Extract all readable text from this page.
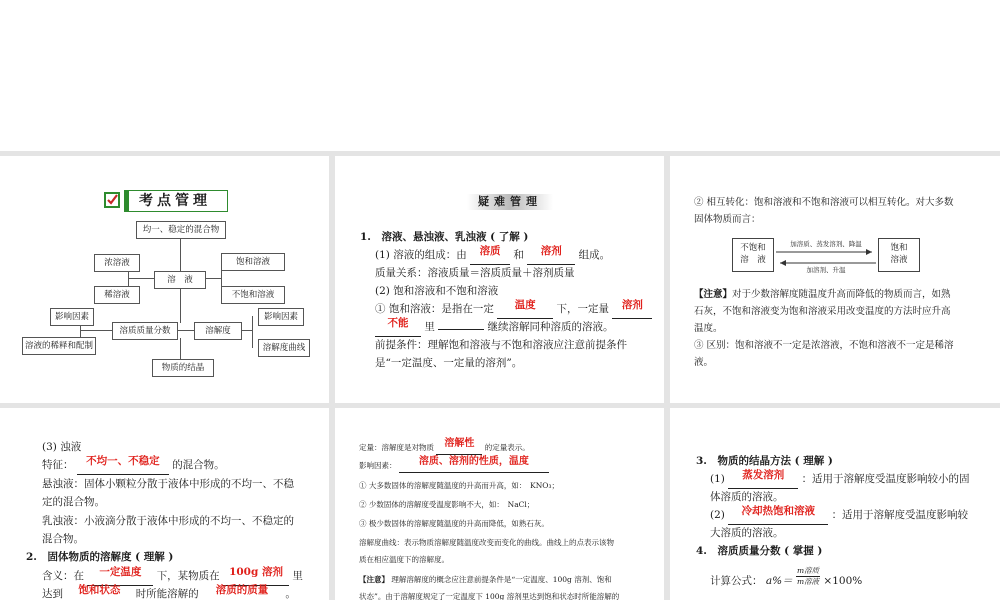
考点管理
均一、稳定的混合物
溶　液
浓溶液
稀溶液
饱和溶液
不饱和溶液
影响因素
溶液的稀释和配制
溶质质量分数	溶解度
影响因素
溶解度曲线
物质的结晶
疑难管理
1.　溶液、悬浊液、乳浊液 ( 了解 )
(1) 溶液的组成：由 溶质 和 溶剂 组成。
质量关系：溶液质量＝溶质质量＋溶剂质量
(2) 饱和溶液和不饱和溶液
① 饱和溶液：是指在一定 温度 下，一定量 溶剂
不能 里	继续溶解同种溶质的溶液。
前提条件：理解饱和溶液与不饱和溶液应注意前提条件
是“一定温度、一定量的溶剂”。
② 相互转化：饱和溶液和不饱和溶液可以相互转化。对大多数
固体物质而言：
不饱和
溶　液
饱和
溶液
加溶质、蒸发溶剂、降温
加溶剂、升温
【注意】对于少数溶解度随温度升高而降低的物质而言，如熟
石灰，不饱和溶液变为饱和溶液采用改变温度的方法时应升高
温度。
③ 区别：饱和溶液不一定是浓溶液，不饱和溶液不一定是稀溶
液。
(3) 浊液
特征： 不均一、不稳定 的混合物。
悬浊液：固体小颗粒分散于液体中形成的不均一、不稳
定的混合物。
乳浊液：小液滴分散于液体中形成的不均一、不稳定的
混合物。
2.　固体物质的溶解度 ( 理解 )
含义：在 一定温度 下，某物质在 100g 溶剂 里
达到 饱和状态 时所能溶解的 溶质的质量 。
定量：溶解度是对物质 溶解性 的定量表示。
影响因素： 溶质、溶剂的性质，温度
① 大多数固体的溶解度随温度的升高而升高，如：　KNO₃；
② 少数固体的溶解度受温度影响不大，如：　NaCl；
③ 极少数固体的溶解度随温度的升高而降低，如熟石灰。
溶解度曲线：表示物质溶解度随温度改变而变化的曲线。曲线上的点表示该物
质在相应温度下的溶解度。
【注意】 理解溶解度的概念应注意前提条件是“一定温度、100g 溶剂、饱和
状态”。由于溶解度规定了一定温度下 100g 溶剂里达到饱和状态时所能溶解的
3.　物质的结晶方法 ( 理解 )
(1) 蒸发溶剂 ：适用于溶解度受温度影响较小的固
体溶质的溶液。
(2) 冷却热饱和溶液 ：适用于溶解度受温度影响较
大溶质的溶液。
4.　溶质质量分数 ( 掌握 )
计算公式： a%＝
m溶质
m溶液 ×100%
